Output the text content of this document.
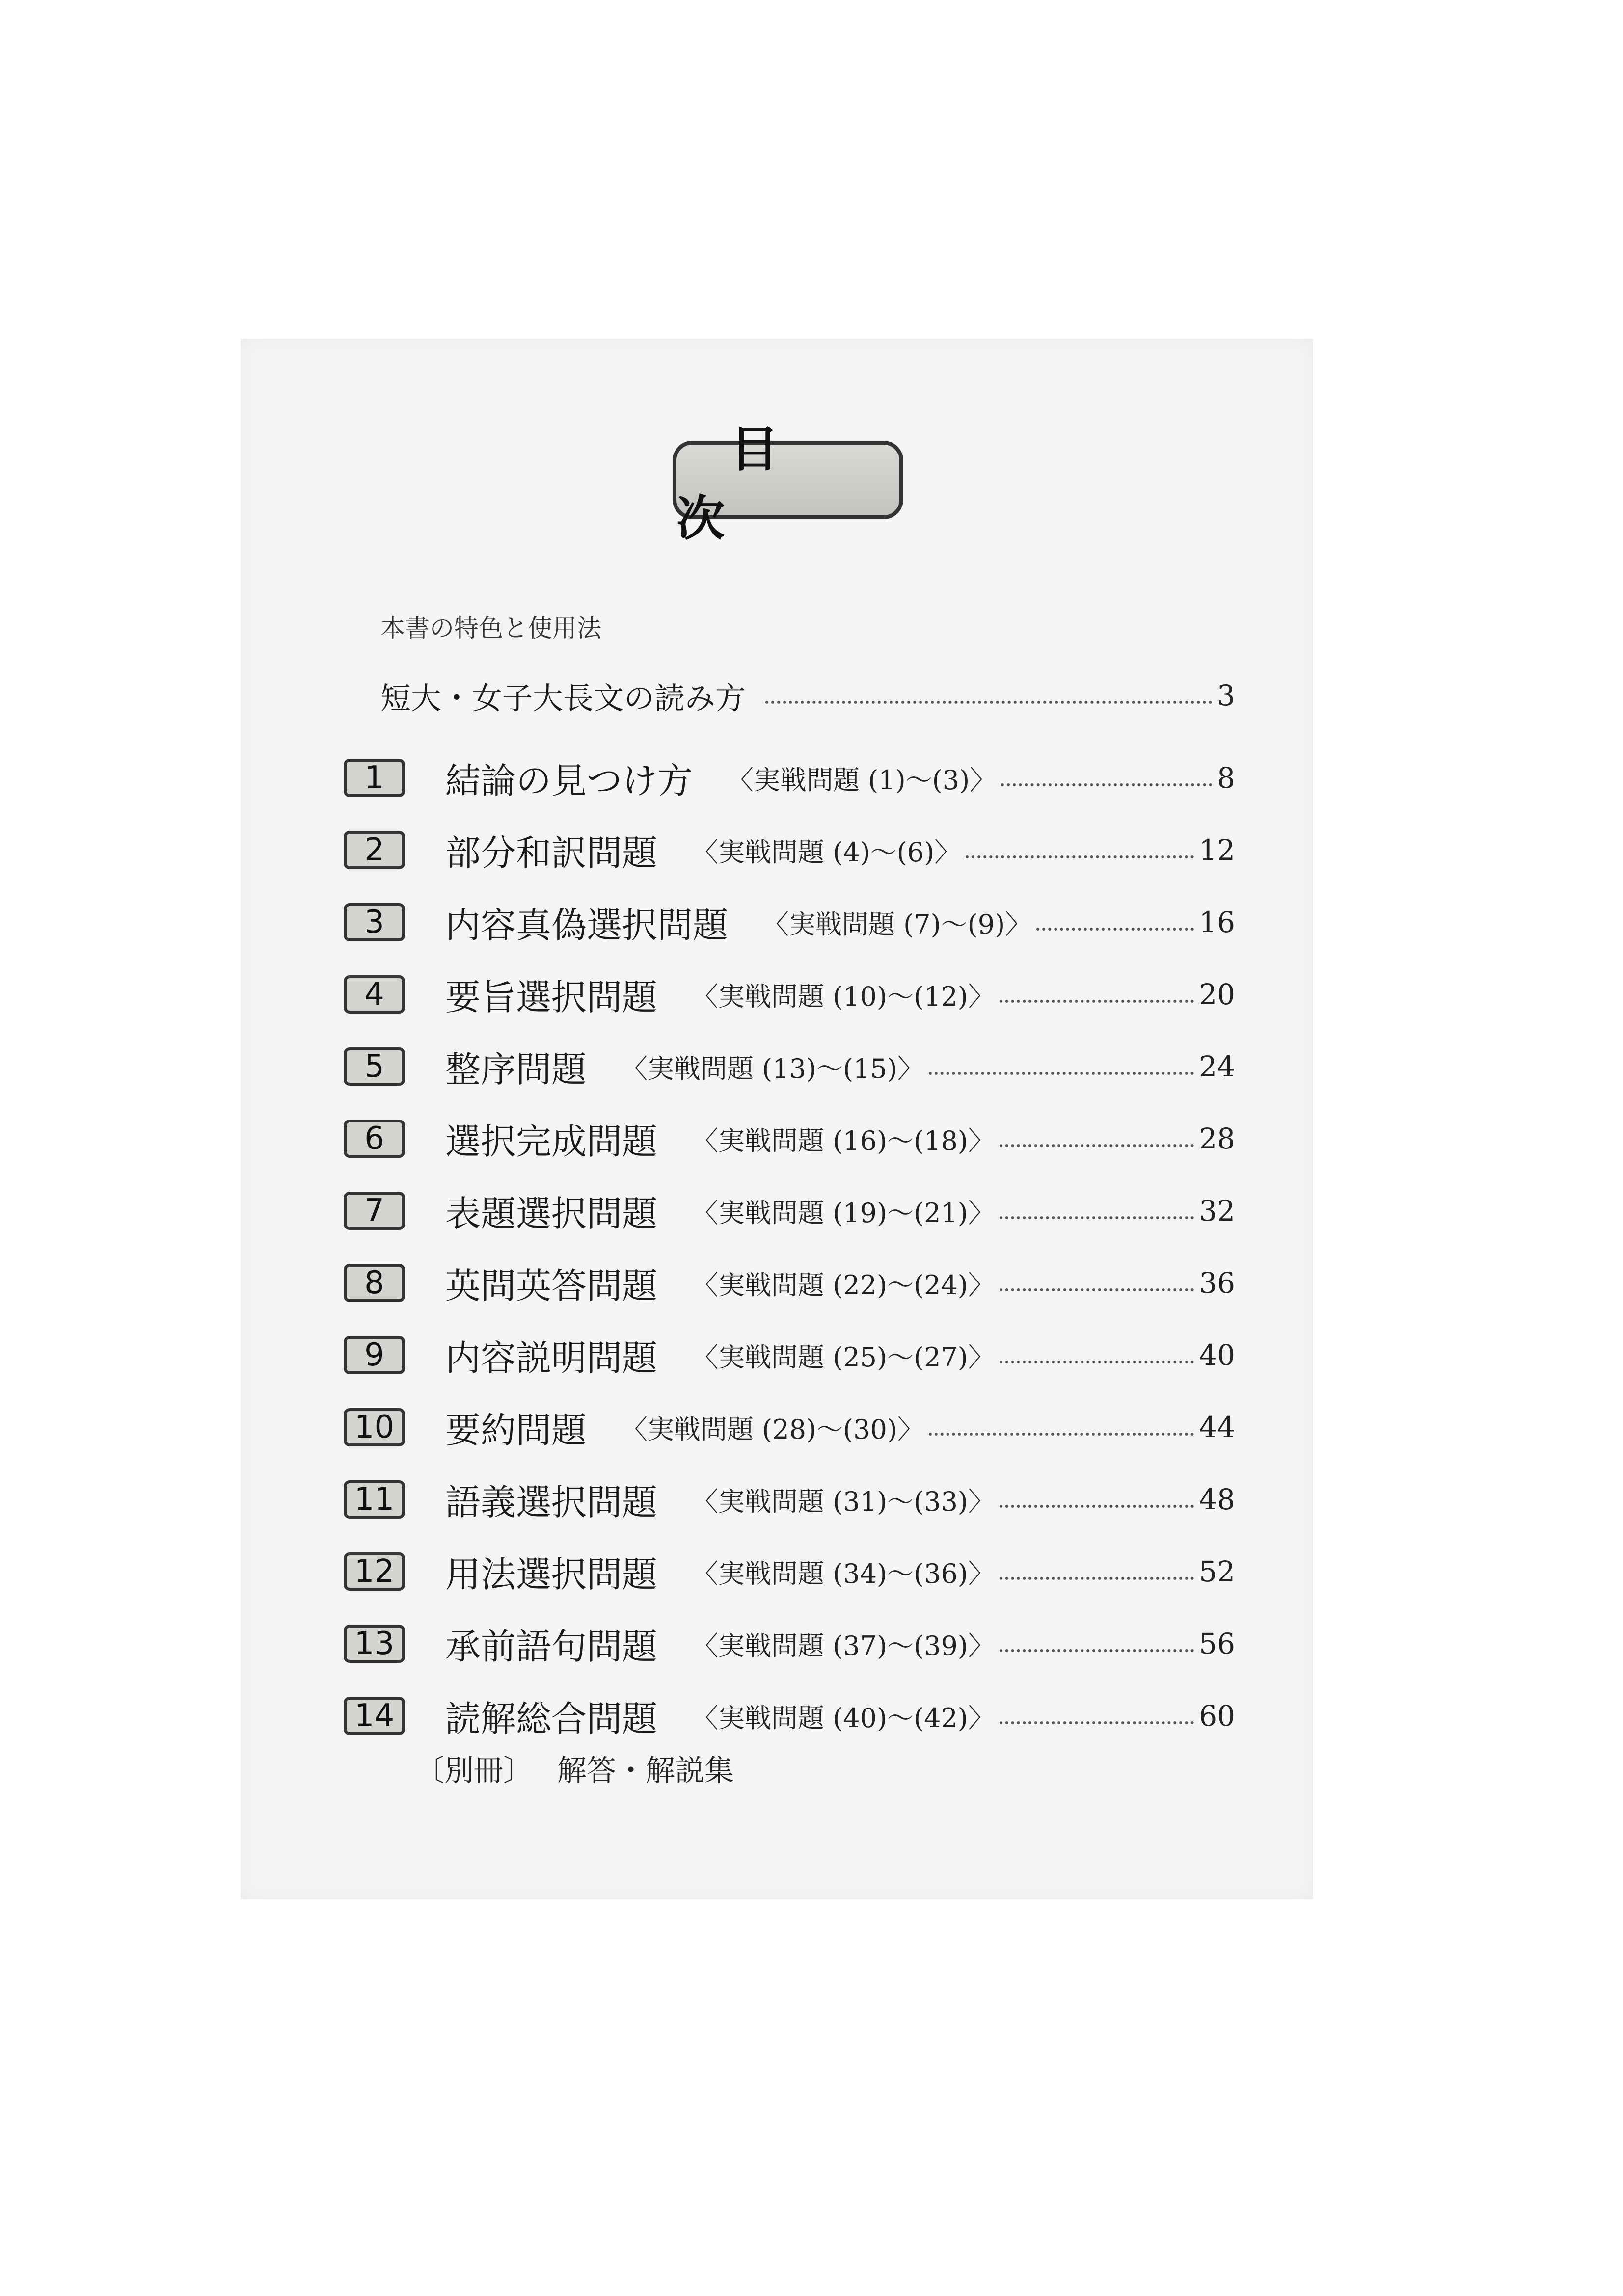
目次
本書の特色と使用法
短大・女子大長文の読み方	3
1	結論の見つけ方 〈実戦問題 (1)〜(3)〉	8
2	部分和訳問題 〈実戦問題 (4)〜(6)〉	12
3	内容真偽選択問題 〈実戦問題 (7)〜(9)〉	16
4	要旨選択問題 〈実戦問題 (10)〜(12)〉	20
5	整序問題 〈実戦問題 (13)〜(15)〉	24
6	選択完成問題 〈実戦問題 (16)〜(18)〉	28
7	表題選択問題 〈実戦問題 (19)〜(21)〉	32
8	英問英答問題 〈実戦問題 (22)〜(24)〉	36
9	内容説明問題 〈実戦問題 (25)〜(27)〉	40
10	要約問題 〈実戦問題 (28)〜(30)〉	44
11	語義選択問題 〈実戦問題 (31)〜(33)〉	48
12	用法選択問題 〈実戦問題 (34)〜(36)〉	52
13	承前語句問題 〈実戦問題 (37)〜(39)〉	56
14	読解総合問題 〈実戦問題 (40)〜(42)〉	60
〔別冊〕 解答・解説集
